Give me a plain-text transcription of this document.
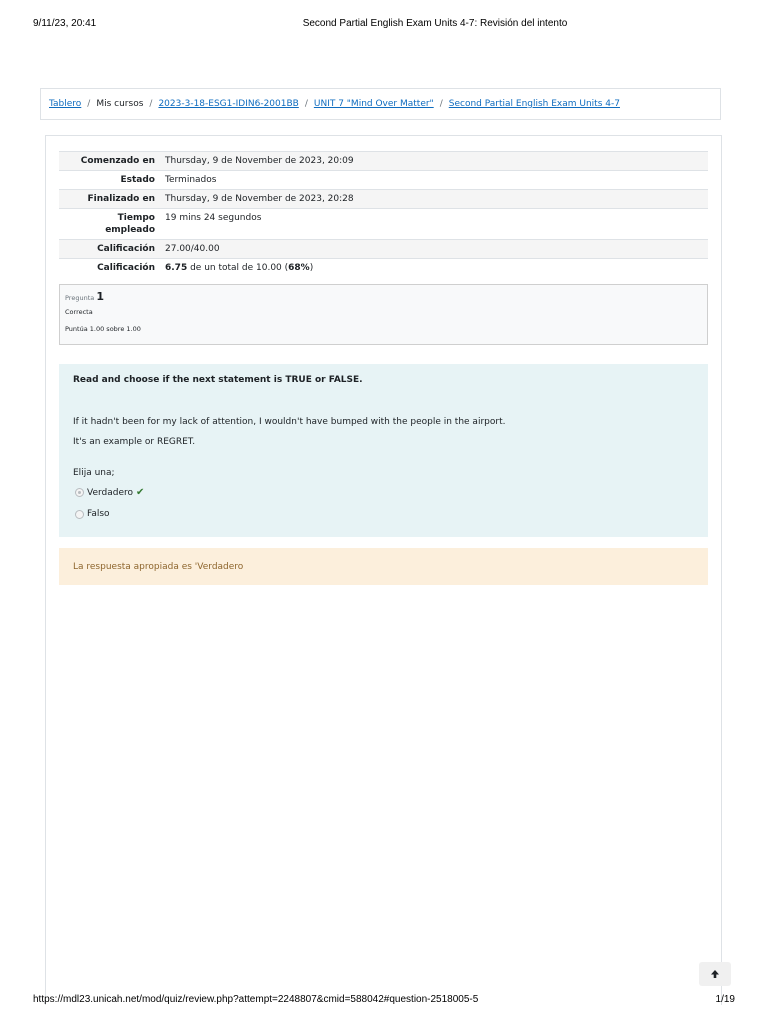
9/11/23, 20:41	Second Partial English Exam Units 4-7: Revisión del intento
Tablero / Mis cursos / 2023-3-18-ESG1-IDIN6-2001BB / UNIT 7 "Mind Over Matter" / Second Partial English Exam Units 4-7
Comenzado en	Thursday, 9 de November de 2023, 20:09
Estado	Terminados
Finalizado en	Thursday, 9 de November de 2023, 20:28
Tiempo
empleado	19 mins 24 segundos
Calificación	27.00/40.00
Calificación	6.75 de un total de 10.00 (68%)
Pregunta 1
Correcta
Puntúa 1.00 sobre 1.00
Read and choose if the next statement is TRUE or FALSE.
If it hadn't been for my lack of attention, I wouldn't have bumped with the people in the airport.
It's an example or REGRET.
Elija una;
Verdadero ✔
Falso
La respuesta apropiada es 'Verdadero
https://mdl23.unicah.net/mod/quiz/review.php?attempt=2248807&cmid=588042#question-2518005-5	1/19
